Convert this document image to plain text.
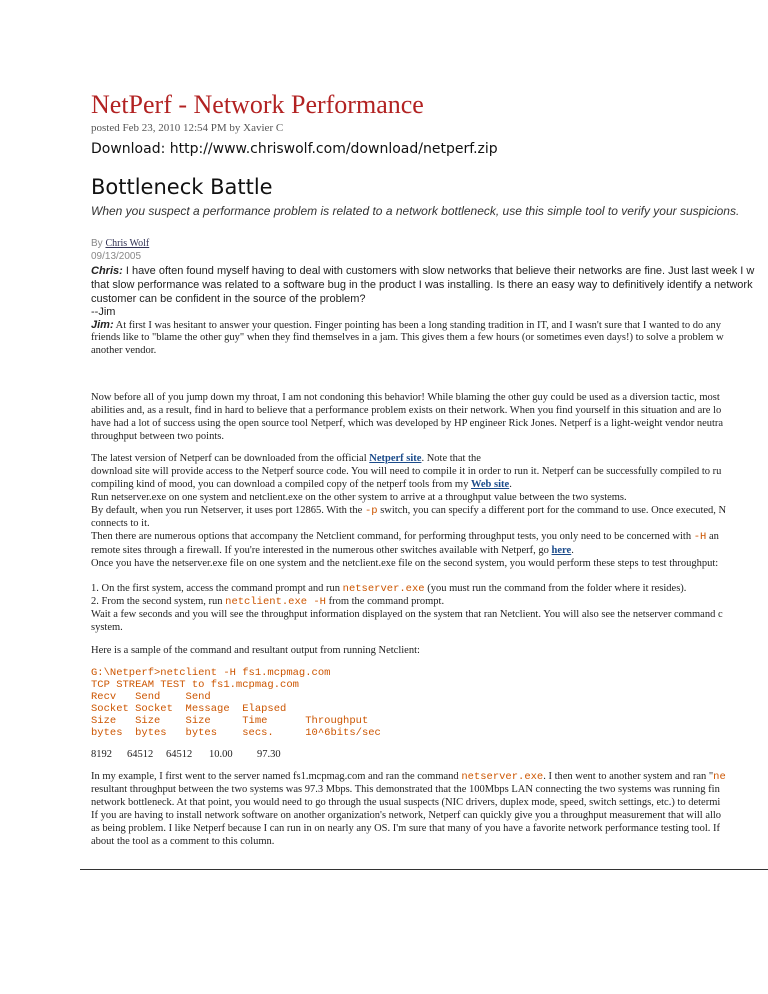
NetPerf - Network Performance
posted Feb 23, 2010 12:54 PM by Xavier C
Download: http://www.chriswolf.com/download/netperf.zip
Bottleneck Battle
When you suspect a performance problem is related to a network bottleneck, use this simple tool to verify your suspicions.
By Chris Wolf
09/13/2005
Chris: I have often found myself having to deal with customers with slow networks that believe their networks are fine. Just last week I w
that slow performance was related to a software bug in the product I was installing. Is there an easy way to definitively identify a network
customer can be confident in the source of the problem?
--Jim
Jim: At first I was hesitant to answer your question. Finger pointing has been a long standing tradition in IT, and I wasn't sure that I wanted to do any
friends like to "blame the other guy" when they find themselves in a jam. This gives them a few hours (or sometimes even days!) to solve a problem w
another vendor.
Now before all of you jump down my throat, I am not condoning this behavior! While blaming the other guy could be used as a diversion tactic, most
abilities and, as a result, find in hard to believe that a performance problem exists on their network. When you find yourself in this situation and are lo
have had a lot of success using the open source tool Netperf, which was developed by HP engineer Rick Jones. Netperf is a light-weight vendor neutra
throughput between two points.
The latest version of Netperf can be downloaded from the official Netperf site. Note that the
download site will provide access to the Netperf source code. You will need to compile it in order to run it. Netperf can be successfully compiled to ru
compiling kind of mood, you can download a compiled copy of the netperf tools from my Web site.
Run netserver.exe on one system and netclient.exe on the other system to arrive at a throughput value between the two systems.
By default, when you run Netserver, it uses port 12865. With the -p switch, you can specify a different port for the command to use. Once executed, N
connects to it.
Then there are numerous options that accompany the Netclient command, for performing throughput tests, you only need to be concerned with -H an
remote sites through a firewall. If you're interested in the numerous other switches available with Netperf, go here.
Once you have the netserver.exe file on one system and the netclient.exe file on the second system, you would perform these steps to test throughput:
1. On the first system, access the command prompt and run netserver.exe (you must run the command from the folder where it resides).
2. From the second system, run netclient.exe -H from the command prompt.
Wait a few seconds and you will see the throughput information displayed on the system that ran Netclient. You will also see the netserver command c
system.
Here is a sample of the command and resultant output from running Netclient:
G:\Netperf>netclient -H fs1.mcpmag.com
TCP STREAM TEST to fs1.mcpmag.com
Recv   Send    Send
Socket Socket  Message  Elapsed
Size   Size    Size     Time      Throughput
bytes  bytes   bytes    secs.     10^6bits/sec
8192 64512 64512 10.00 97.30
In my example, I first went to the server named fs1.mcpmag.com and ran the command netserver.exe. I then went to another system and ran "ne
resultant throughput between the two systems was 97.3 Mbps. This demonstrated that the 100Mbps LAN connecting the two systems was running fin
network bottleneck. At that point, you would need to go through the usual suspects (NIC drivers, duplex mode, speed, switch settings, etc.) to determi
If you are having to install network software on another organization's network, Netperf can quickly give you a throughput measurement that will allo
as being problem. I like Netperf because I can run in on nearly any OS. I'm sure that many of you have a favorite network performance testing tool. If
about the tool as a comment to this column.
